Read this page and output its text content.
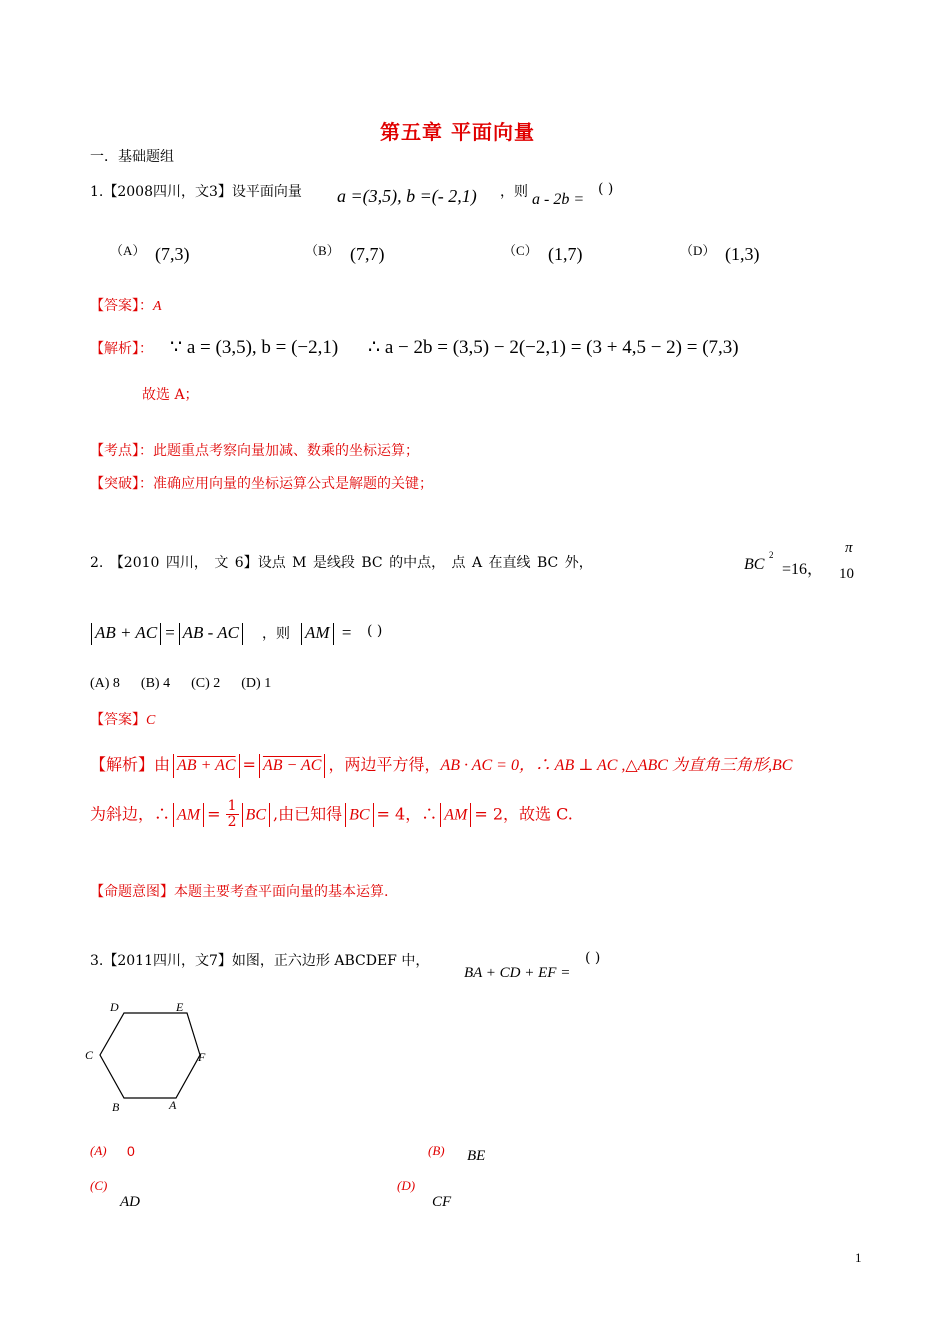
第五章 平面向量
一．基础题组
1.【2008四川，文3】设平面向量 a =(3,5), b =(- 2,1) ，则 a - 2b =
( )
（A） (7,3)	（B） (7,7)	（C） (1,7)	（D） (1,3)
【答案】：A
【解析】： ∵ a = (3,5), b = (−2,1) ∴ a − 2b = (3,5) − 2(−2,1) = (3 + 4,5 − 2) = (7,3)
故选 A；
【考点】：此题重点考察向量加减、数乘的坐标运算；
【突破】：准确应用向量的坐标运算公式是解题的关键；
2. 【2010 四川， 文 6】设点 M 是线段 BC 的中点， 点 A 在直线 BC 外，	BC
2
=16，
π
10
AB + AC = AB - AC	，则 AM = ( )
(A) 8      (B) 4      (C) 2      (D) 1
【答案】C
【解析】由 AB + AC = AB − AC ，两边平方得，AB · AC = 0，∴ AB ⊥ AC ,△ABC 为直角三角形,BC
为斜边，∴ AM = $\frac{1}{2}$ BC ,由已知得 BC = 4，∴ AM = 2，故选 C.
【命题意图】本题主要考查平面向量的基本运算.
3.【2011四川，文7】如图，正六边形 ABCDEF 中，
BA + CD + EF =
( )
D	E
C	F
B	A
(A) 0	(B) BE
(C)
AD
(D)
CF
1
